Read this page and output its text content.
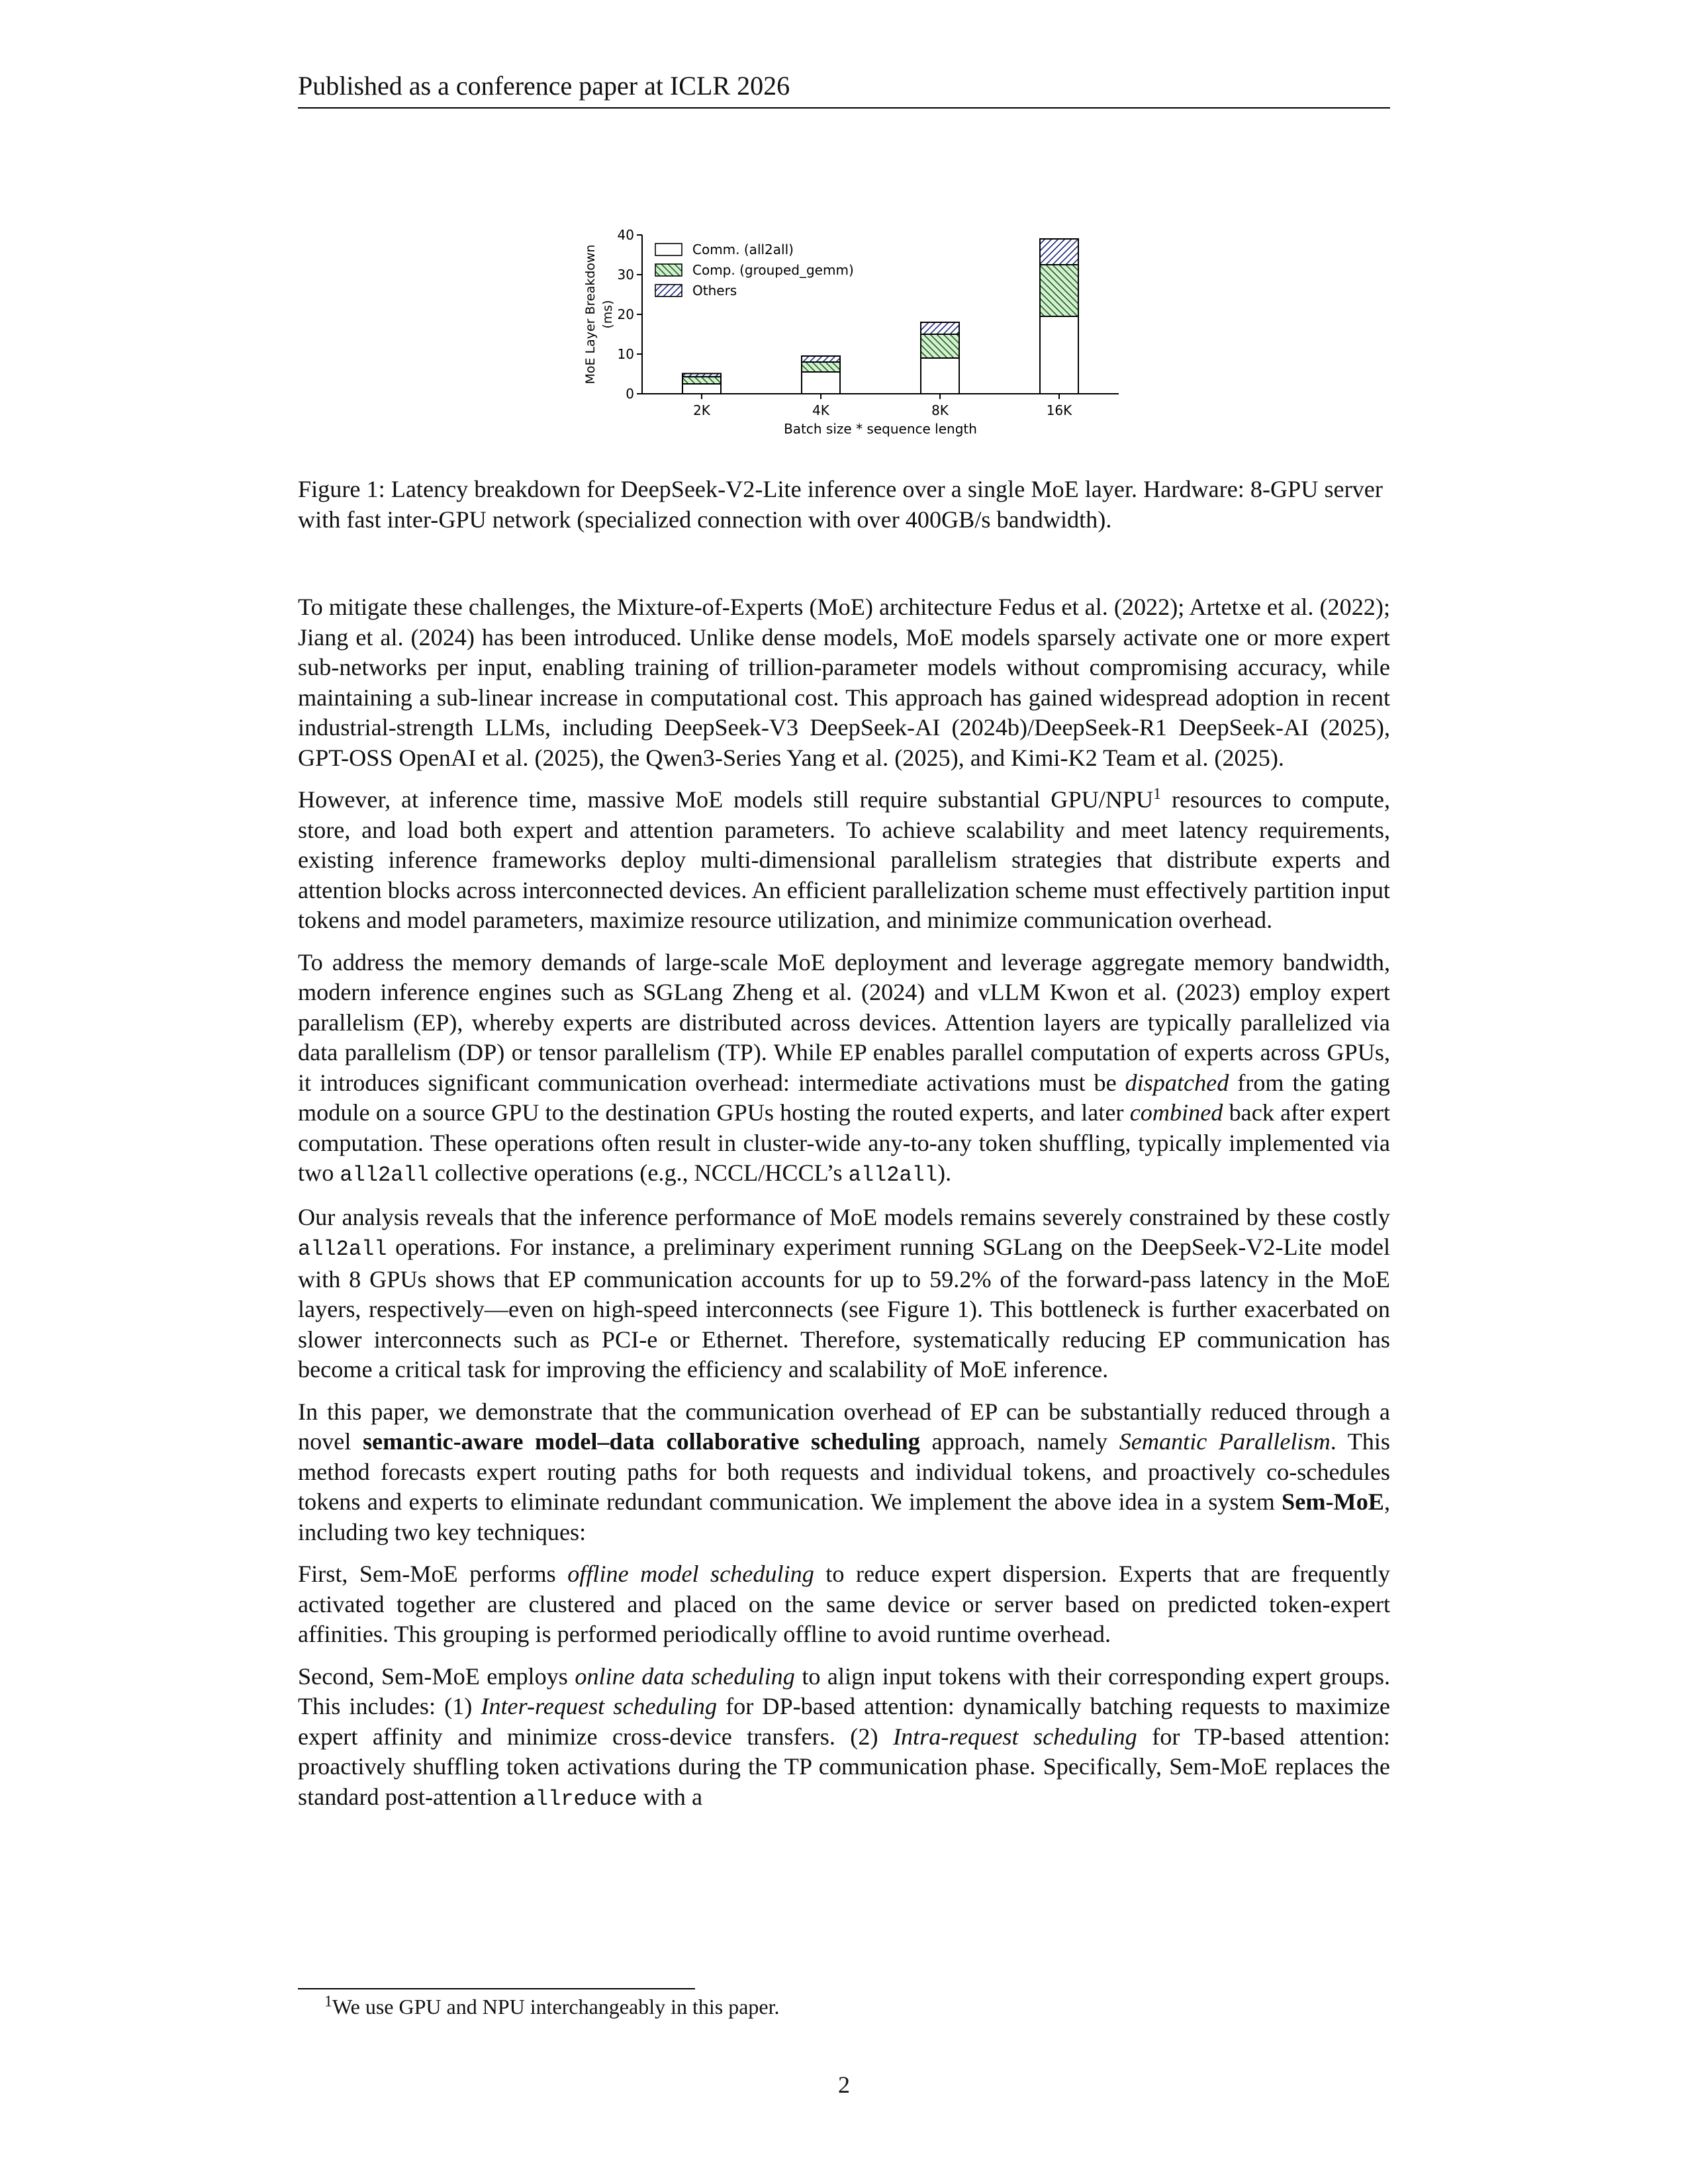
Published as a conference paper at ICLR 2026
0
10
20
30
40
MoE Layer Breakdown (ms)
2K	4K	8K	16K
Batch size * sequence length
Comm. (all2all)
Comp. (grouped_gemm)
Others
Figure 1: Latency breakdown for DeepSeek-V2-Lite inference over a single MoE layer. Hardware: 8-GPU server with fast inter-GPU network (specialized connection with over 400GB/s bandwidth).

To mitigate these challenges, the Mixture-of-Experts (MoE) architecture Fedus et al. (2022); Artetxe et al. (2022); Jiang et al. (2024) has been introduced. Unlike dense models, MoE models sparsely activate one or more expert sub-networks per input, enabling training of trillion-parameter models without compromising accuracy, while maintaining a sub-linear increase in computational cost. This approach has gained widespread adoption in recent industrial-strength LLMs, including DeepSeek-V3 DeepSeek-AI (2024b)/DeepSeek-R1 DeepSeek-AI (2025), GPT-OSS OpenAI et al. (2025), the Qwen3-Series Yang et al. (2025), and Kimi-K2 Team et al. (2025).

However, at inference time, massive MoE models still require substantial GPU/NPU$^1$ resources to compute, store, and load both expert and attention parameters. To achieve scalability and meet latency requirements, existing inference frameworks deploy multi-dimensional parallelism strategies that distribute experts and attention blocks across interconnected devices. An efficient parallelization scheme must effectively partition input tokens and model parameters, maximize resource utilization, and minimize communication overhead.

To address the memory demands of large-scale MoE deployment and leverage aggregate memory bandwidth, modern inference engines such as SGLang Zheng et al. (2024) and vLLM Kwon et al. (2023) employ expert parallelism (EP), whereby experts are distributed across devices. Attention layers are typically parallelized via data parallelism (DP) or tensor parallelism (TP). While EP enables parallel computation of experts across GPUs, it introduces significant communication overhead: intermediate activations must be dispatched from the gating module on a source GPU to the destination GPUs hosting the routed experts, and later combined back after expert computation. These operations often result in cluster-wide any-to-any token shuffling, typically implemented via two all2all collective operations (e.g., NCCL/HCCL’s all2all).

Our analysis reveals that the inference performance of MoE models remains severely constrained by these costly all2all operations. For instance, a preliminary experiment running SGLang on the DeepSeek-V2-Lite model with 8 GPUs shows that EP communication accounts for up to 59.2% of the forward-pass latency in the MoE layers, respectively—even on high-speed interconnects (see Figure 1). This bottleneck is further exacerbated on slower interconnects such as PCI-e or Ethernet. Therefore, systematically reducing EP communication has become a critical task for improving the efficiency and scalability of MoE inference.

In this paper, we demonstrate that the communication overhead of EP can be substantially reduced through a novel semantic-aware model–data collaborative scheduling approach, namely Semantic Parallelism. This method forecasts expert routing paths for both requests and individual tokens, and proactively co-schedules tokens and experts to eliminate redundant communication. We implement the above idea in a system Sem-MoE, including two key techniques:

First, Sem-MoE performs offline model scheduling to reduce expert dispersion. Experts that are frequently activated together are clustered and placed on the same device or server based on predicted token-expert affinities. This grouping is performed periodically offline to avoid runtime overhead.

Second, Sem-MoE employs online data scheduling to align input tokens with their corresponding expert groups. This includes: (1) Inter-request scheduling for DP-based attention: dynamically batching requests to maximize expert affinity and minimize cross-device transfers. (2) Intra-request scheduling for TP-based attention: proactively shuffling token activations during the TP communication phase. Specifically, Sem-MoE replaces the standard post-attention allreduce with a

$^1$We use GPU and NPU interchangeably in this paper.
2
